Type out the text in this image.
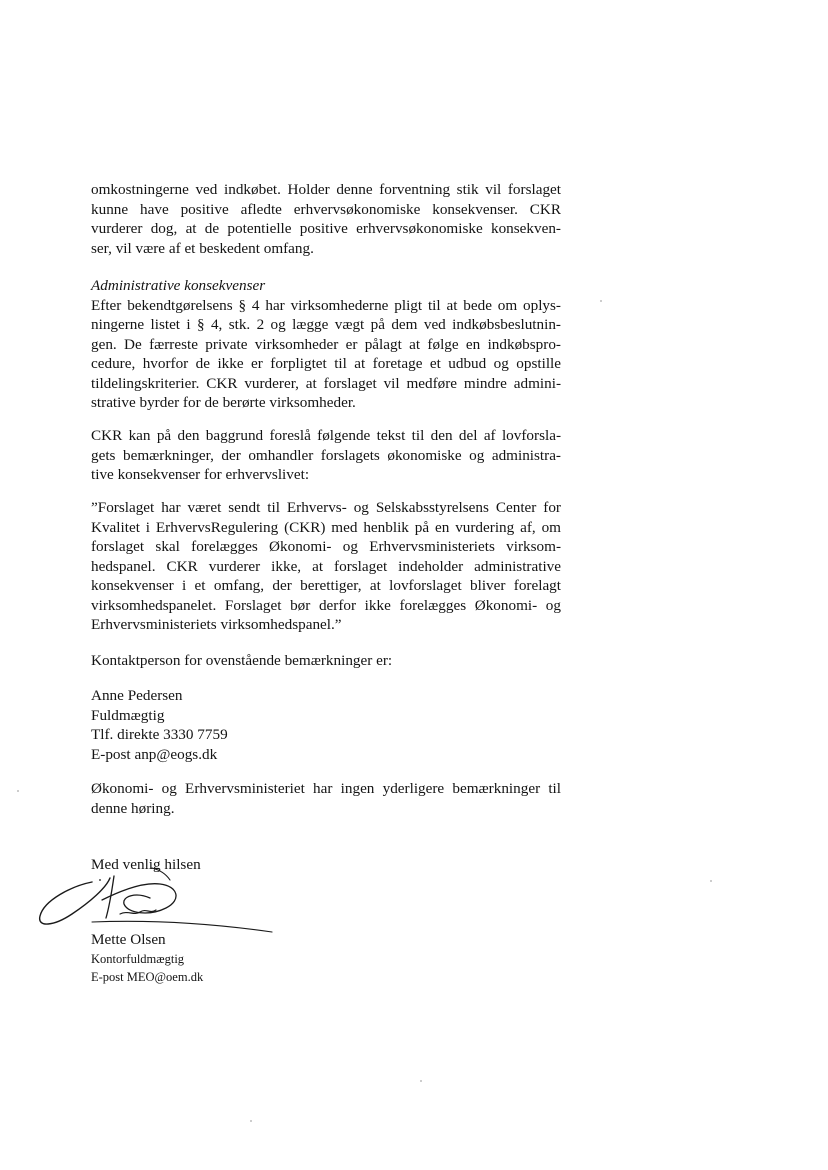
omkostningerne ved indkøbet. Holder denne forventning stik vil forslaget
kunne have positive afledte erhvervsøkonomiske konsekvenser. CKR
vurderer dog, at de potentielle positive erhvervsøkonomiske konsekven-
ser, vil være af et beskedent omfang.
Administrative konsekvenser
Efter bekendtgørelsens § 4 har virksomhederne pligt til at bede om oplys-
ningerne listet i § 4, stk. 2 og lægge vægt på dem ved indkøbsbeslutnin-
gen. De færreste private virksomheder er pålagt at følge en indkøbspro-
cedure, hvorfor de ikke er forpligtet til at foretage et udbud og opstille
tildelingskriterier. CKR vurderer, at forslaget vil medføre mindre admini-
strative byrder for de berørte virksomheder.
CKR kan på den baggrund foreslå følgende tekst til den del af lovforsla-
gets bemærkninger, der omhandler forslagets økonomiske og administra-
tive konsekvenser for erhvervslivet:
”Forslaget har været sendt til Erhvervs- og Selskabsstyrelsens Center for
Kvalitet i ErhvervsRegulering (CKR) med henblik på en vurdering af, om
forslaget skal forelægges Økonomi- og Erhvervsministeriets virksom-
hedspanel. CKR vurderer ikke, at forslaget indeholder administrative
konsekvenser i et omfang, der berettiger, at lovforslaget bliver forelagt
virksomhedspanelet. Forslaget bør derfor ikke forelægges Økonomi- og
Erhvervsministeriets virksomhedspanel.”
Kontaktperson for ovenstående bemærkninger er:
Anne Pedersen
Fuldmægtig
Tlf. direkte 3330 7759
E-post anp@eogs.dk
Økonomi- og Erhvervsministeriet har ingen yderligere bemærkninger til
denne høring.
Med venlig hilsen
Mette Olsen
Kontorfuldmægtig
E-post MEO@oem.dk
